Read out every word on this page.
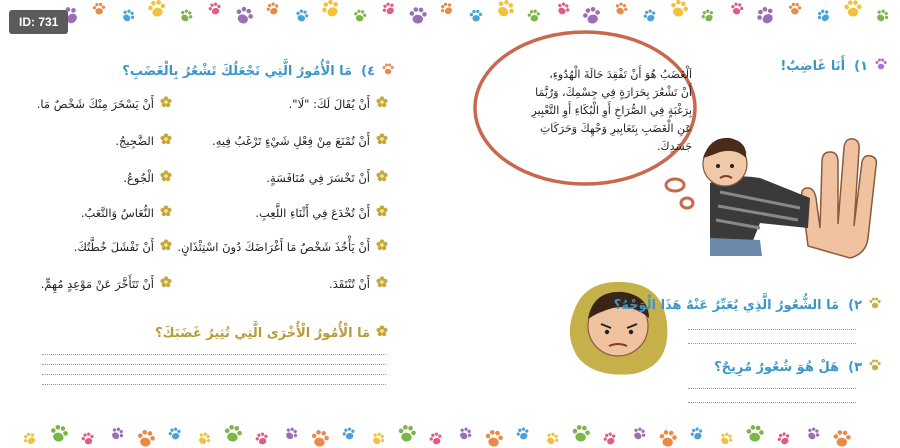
ID: 731
١)
أَنَا غَاضِبٌ!
اَلْغَضَبُ هُوَ أَنْ تَفْقِدَ حَالَةَ الْهُدُوءِ،
أَنْ تَشْعُرَ بِحَرَارَةٍ فِي جِسْمِكَ، وَرُبَّمَا
بِرَغْبَةٍ فِي الصُّرَاخِ أَوِ الْبُكَاءِ أَوِ التَّعْبِيرِ
عَنِ الْغَضَبِ بِتَعَابِيرِ وَجْهِكَ وَحَرَكَاتِ
جَسَدِكَ.
٢)
مَا الشُّعُورُ الَّذِي يُعَبِّرُ عَنْهُ هَذَا الْوَجْهُ؟
٣)
هَلْ هُوَ شُعُورٌ مُرِيحٌ؟
٤)
مَا الْأُمُورُ الَّتِي تَجْعَلُكَ تَشْعُرُ بِالْغَضَبِ؟
أَنْ يُقَالَ لَكَ: "لَا".
أَنْ تُمْنَعَ مِنْ فِعْلِ شَيْءٍ تَرْغَبُ فِيهِ.
أَنْ تَخْسَرَ فِي مُنَافَسَةٍ.
أَنْ تُخْدَعَ فِي أَثْنَاءِ اللَّعِبِ.
أَنْ يَأْخُذَ شَخْصٌ مَا أَغْرَاضَكَ دُونَ اسْتِئْذَانٍ.
أَنْ تُنْتَقَدَ.
أَنْ يَسْخَرَ مِنْكَ شَخْصٌ مَا.
الضَّجِيجُ.
الْجُوعُ.
النُّعَاسُ وَالتَّعَبُ.
أَنْ تَفْشَلَ خُطَّتُكَ.
أَنْ تَتَأَخَّرَ عَنْ مَوْعِدٍ مُهِمٍّ.
مَا الْأُمُورُ الْأُخْرَى الَّتِي تُثِيرُ غَضَبَكَ؟
